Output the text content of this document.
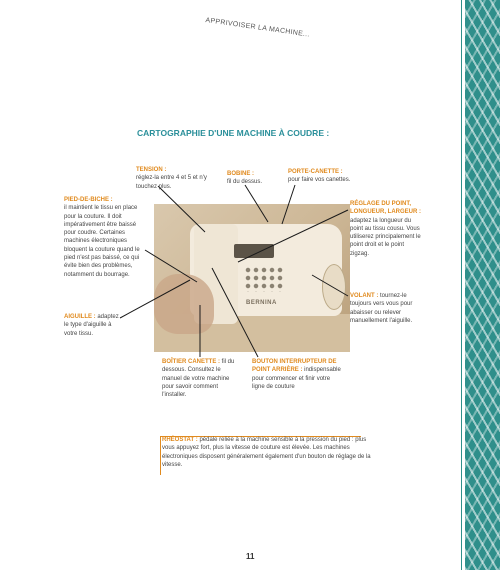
APPRIVOISER LA MACHINE...
CARTOGRAPHIE D'UNE MACHINE À COUDRE :
BERNINA
TENSION :
réglez-la entre 4 et 5 et n'y touchez plus.
BOBINE :
fil du dessus.
PORTE-CANETTE :
pour faire vos canettes.
PIED-DE-BICHE :
il maintient le tissu en place pour la couture. Il doit impérativement être baissé pour coudre. Certaines machines électroniques bloquent la couture quand le pied n'est pas baissé, ce qui évite bien des problèmes, notamment du bourrage.
RÉGLAGE DU POINT, LONGUEUR, LARGEUR : adaptez la longueur du point au tissu cousu. Vous utiliserez principalement le point droit et le point zigzag.
VOLANT : tournez-le toujours vers vous pour abaisser ou relever manuellement l'aiguille.
AIGUILLE : adaptez le type d'aiguille à votre tissu.
BOÎTIER CANETTE : fil du dessous. Consultez le manuel de votre machine pour savoir comment l'installer.
BOUTON INTERRUPTEUR DE POINT ARRIÈRE : indispensable pour commencer et finir votre ligne de couture
RHÉOSTAT : pédale reliée à la machine sensible à la pression du pied : plus vous appuyez fort, plus la vitesse de couture est élevée. Les machines électroniques disposent généralement également d'un bouton de réglage de la vitesse.
11
